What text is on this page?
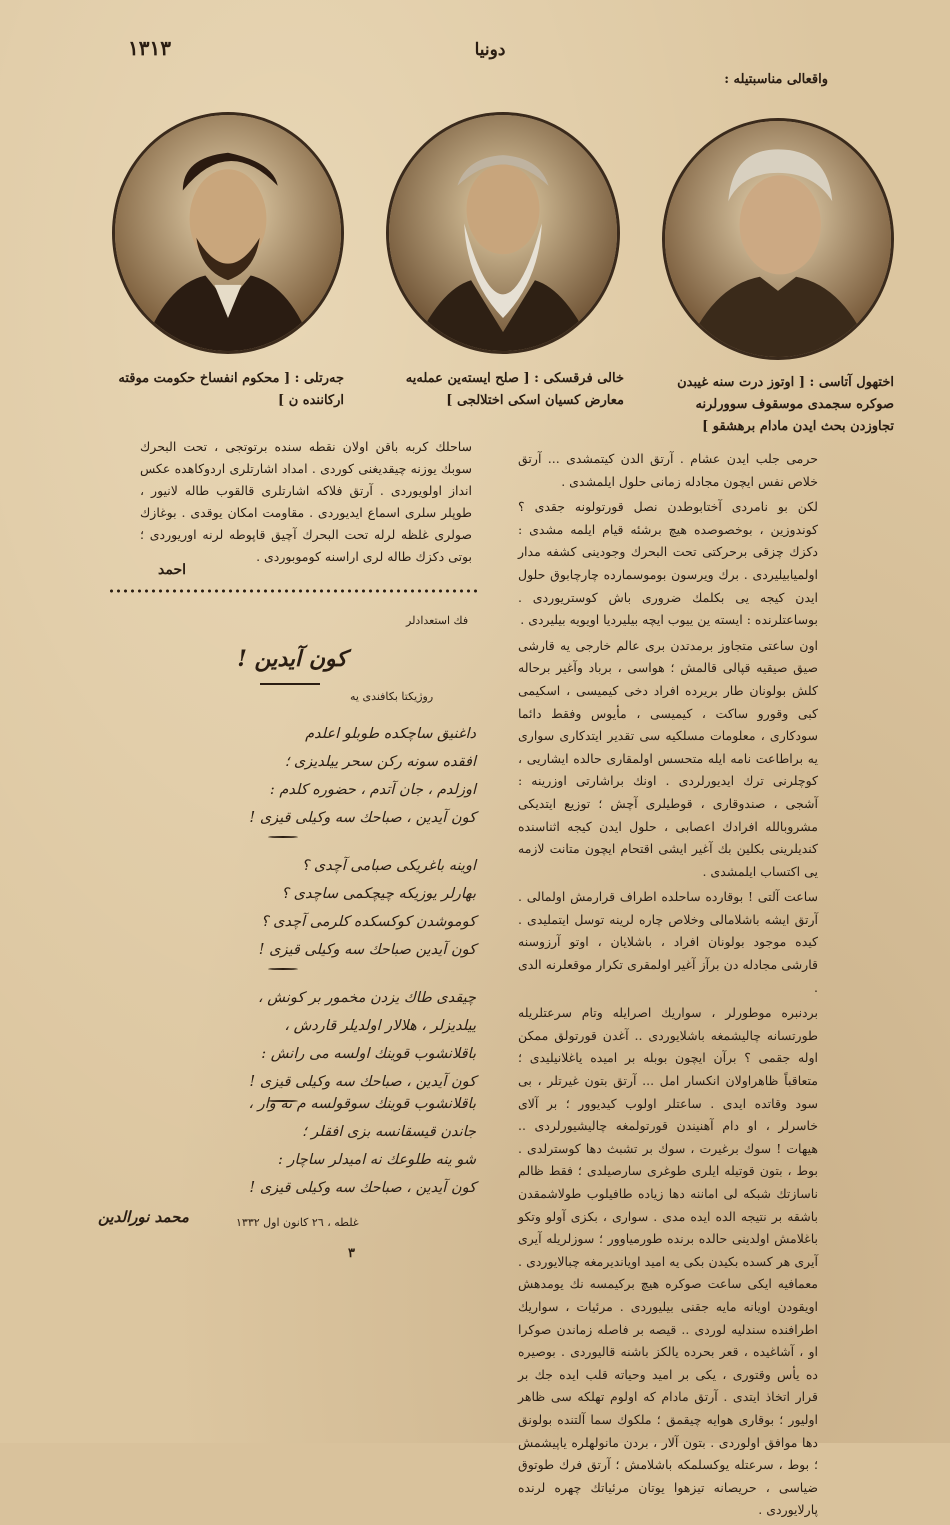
١٣١٣	دونیا
واقعالی مناسبتیله :
جه‌رتلی : [ محکوم انفساخ حکومت موقته ارکاننده ن ]
خالی فرقسکی : [ صلح ایسته‌ین عمله‌یه معارض کسیان اسکی اختلالجی ]
اختهول آتاسی : [ اوتوز درت سنه غیبدن صوکره سجمدی موسقوف سوورلرنه تجاوزدن بحث ایدن مادام برهشقو ]
ساحلك كربه باقن اولان نقطه سنده برتوتجی ، تحت البحرك سوبك یوزنه چیقدیغنی كوردی . امداد اشارتلری اردوكاهده عكس انداز اولویوردی . آرتق فلاكه اشارتلری قالقوب طاله لانیور ، طوپلر سلری اسماع ایدیوردی . مقاومت امكان یوقدی . بوغازك صولری غلظه لرله تحت البحرك آچیق قاپوطه لرنه اوریوردی ؛ بوتی دكزك طاله لری اراسنه كوموبوردی .
احمد
فك استعدادلر
كون آیدین !
روژیكتا بكافندی یه
داغنیق ساچكده طوبلو اعلدم
افقده سونه ركن سحر ییلدیزی ؛
اوزلدم ، جان آتدم ، حضوره كلدم :
كون آیدین ، صباحك سه وكیلی قیزی !
اوینه باغریكی صبامی آچدی ؟
بهارلر یوزیكه چیچكمی ساچدی ؟
كوموشدن كوكسكده كلرمی آچدی ؟
كون آیدین صباحك سه وكیلی قیزی !
چیقدی طاك یزدن مخمور بر كونش ،
ییلدیزلر ، هلالار اولدیلر قاردش ،
باقلانشوب قوینك اولسه می رانش :
كون آیدین ، صباحك سه وكیلی قیزی !
باقلانشوب قوینك سوقولسه م نه وار ،
جاندن قیسقانسه بزی افقلر ؛
شو ینه طلوعك نه امیدلر ساچار :
كون آیدین ، صباحك سه وكیلی قیزی !
غلطه ، ٢٦ كانون اول ١٣٣٢
محمد نورالدین

حرمی جلب ایدن عشام . آرتق الدن كیتمشدی ... آرتق خلاص نفس ایچون مجادله زمانی حلول ایلمشدی .

لكن بو نامردی آختابوطدن نصل قورتولونه جقدی ؟ كوندوزین ، بوخصوصده هیچ برشئه قیام ایلمه مشدی : دكزك چزقی برحركتی تحت البحرك وجودینی كشفه مدار اولمیابیلیردی . برك ویرسون بوموسمارده چارچابوق حلول ایدن كیجه یی بكلمك ضروری باش كوستریوردی . بوساعتلرنده : ایسته ین ییوب ایچه بیلیردیا اویویه بیلیردی .

اون ساعتی متجاوز برمدتدن بری عالم خارجی یه قارشی صیق صیقیه قپالی قالمش ؛ هواسی ، برباد وآغیر برحاله كلش بولونان طار بریرده افراد دخی كیمیسی ، اسكیمی كبی وقورو ساكت ، كیمیسی ، مأیوس وفقط دائما سودكاری ، معلومات مسلكیه سی تقدیر ایتدكاری سواری یه براطاعت نامه ایله متحسس اولمقاری حالده ایشاریی ، كوچلرنی ترك ایدیورلردی . اونك براشارتی اوزرینه : آشجی ، صندوقاری ، قوطیلری آچش ؛ توزیع ایتدیكی مشروبالله افرادك اعصابی ، حلول ایدن كیجه اثناسنده كندیلرینی بكلین بك آغیر ایشی اقتحام ایچون متانت لازمه یی اكتساب ایلمشدی .

ساعت آلتی ! بوقارده ساحلده اطراف قرارمش اولمالی . آرتق ایشه باشلامالی وخلاص چاره لرینه توسل ایتملیدی . كیده موجود بولونان افراد ، باشلایان ، اوتو آرزوسنه قارشی مجادله دن برآز آغیر اولمقری تكرار موقعلرنه الدی .

بردنبره موطورلر ، سواریك اصرایله وتام سرعتلریله طورتسانه چالیشمغه باشلایوردی .. آغدن قورتولق ممكن اوله جقمی ؟ برآن ایچون بوبله بر امیده یاغلانیلیدی ؛ متعاقباً ظاهراولان انكسار امل ... آرتق بتون غیرتلر ، بی سود وقاتده ایدی . ساعتلر اولوب كیدیوور ؛ بر آلای خاسرلر ، او دام آهنیندن قورتولمغه چالیشیورلردی .. هیهات ! سوك برغیرت ، سوك بر تشبث دها كوسترلدی . بوط ، بتون قوتیله ایلری طوغری سارصیلدی ؛ فقط ظالم ناسازتك شبكه لی اماننه دها زیاده طافیلوب طولاشمقدن باشقه بر نتیجه الده ایده مدی . سواری ، بكزی آولو وتكو باغلامش اولدینی حالده برنده طورمیاوور ؛ سوزلریله آیری آیری هر كسده بكیدن بكی یه امید اویاندیرمغه چبالایوردی . معمافیه ایكی ساعت صوكره هیچ بركیمسه نك یومدهش اویقودن اویانه مایه جقنی بیلیوردی . مرئیات ، سواریك اطرافنده سندلیه لوردی .. قیصه بر فاصله زماندن صوكرا او ، آشاغیده ، قعر بحرده یالكز باشنه قالیوردی . بوصیره ده یأس وقتوری ، یكی بر امید وحیاته قلب ایده جك بر قرار اتخاذ ایتدی . آرتق مادام كه اولوم تهلكه سی ظاهر اولیور ؛ بوقاری هوایه چیقمق ؛ ملكوك سما آلتنده بولونق دها موافق اولوردی . بتون آلار ، بردن مانولهلره یاپیشمش ؛ بوط ، سرعتله یوكسلمكه باشلامش ؛ آرتق فرك طوتوق ضیاسی ، حریصانه تیزهوا یوتان مرئیاتك چهره لرنده پارلایوردی .

٣
